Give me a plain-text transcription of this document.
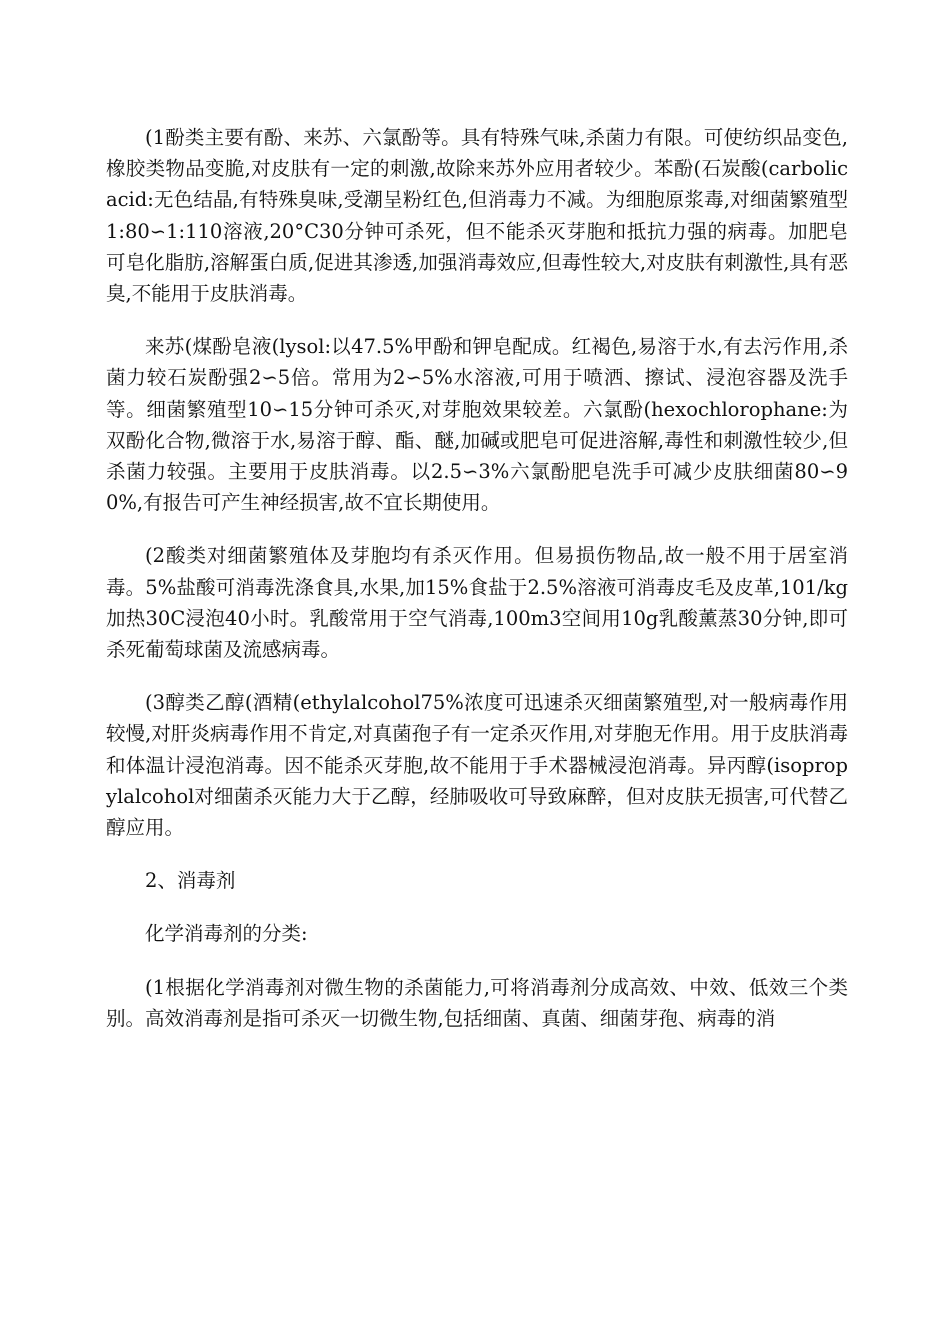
(1酚类主要有酚、来苏、六氯酚等。具有特殊气味,杀菌力有限。可使纺织品变色,橡胶类物品变脆,对皮肤有一定的刺激,故除来苏外应用者较少。苯酚(石炭酸(carbolicacid:无色结晶,有特殊臭味,受潮呈粉红色,但消毒力不减。为细胞原浆毒,对细菌繁殖型1:80∽1:110溶液,20°C30分钟可杀死，但不能杀灭芽胞和抵抗力强的病毒。加肥皂可皂化脂肪,溶解蛋白质,促进其渗透,加强消毒效应,但毒性较大,对皮肤有刺激性,具有恶臭,不能用于皮肤消毒。

来苏(煤酚皂液(lysol:以47.5%甲酚和钾皂配成。红褐色,易溶于水,有去污作用,杀菌力较石炭酚强2∽5倍。常用为2∽5%水溶液,可用于喷洒、擦试、浸泡容器及洗手等。细菌繁殖型10∽15分钟可杀灭,对芽胞效果较差。六氯酚(hexochlorophane:为双酚化合物,微溶于水,易溶于醇、酯、醚,加碱或肥皂可促进溶解,毒性和刺激性较少,但杀菌力较强。主要用于皮肤消毒。以2.5∽3%六氯酚肥皂洗手可减少皮肤细菌80∽90%,有报告可产生神经损害,故不宜长期使用。

(2酸类对细菌繁殖体及芽胞均有杀灭作用。但易损伤物品,故一般不用于居室消毒。5%盐酸可消毒洗涤食具,水果,加15%食盐于2.5%溶液可消毒皮毛及皮革,101/kg加热30C浸泡40小时。乳酸常用于空气消毒,100m3空间用10g乳酸薰蒸30分钟,即可杀死葡萄球菌及流感病毒。

(3醇类乙醇(酒精(ethylalcohol75%浓度可迅速杀灭细菌繁殖型,对一般病毒作用较慢,对肝炎病毒作用不肯定,对真菌孢子有一定杀灭作用,对芽胞无作用。用于皮肤消毒和体温计浸泡消毒。因不能杀灭芽胞,故不能用于手术器械浸泡消毒。异丙醇(isopropylalcohol对细菌杀灭能力大于乙醇，经肺吸收可导致麻醉，但对皮肤无损害,可代替乙醇应用。

2、消毒剂

化学消毒剂的分类:

(1根据化学消毒剂对微生物的杀菌能力,可将消毒剂分成高效、中效、低效三个类别。高效消毒剂是指可杀灭一切微生物,包括细菌、真菌、细菌芽孢、病毒的消
